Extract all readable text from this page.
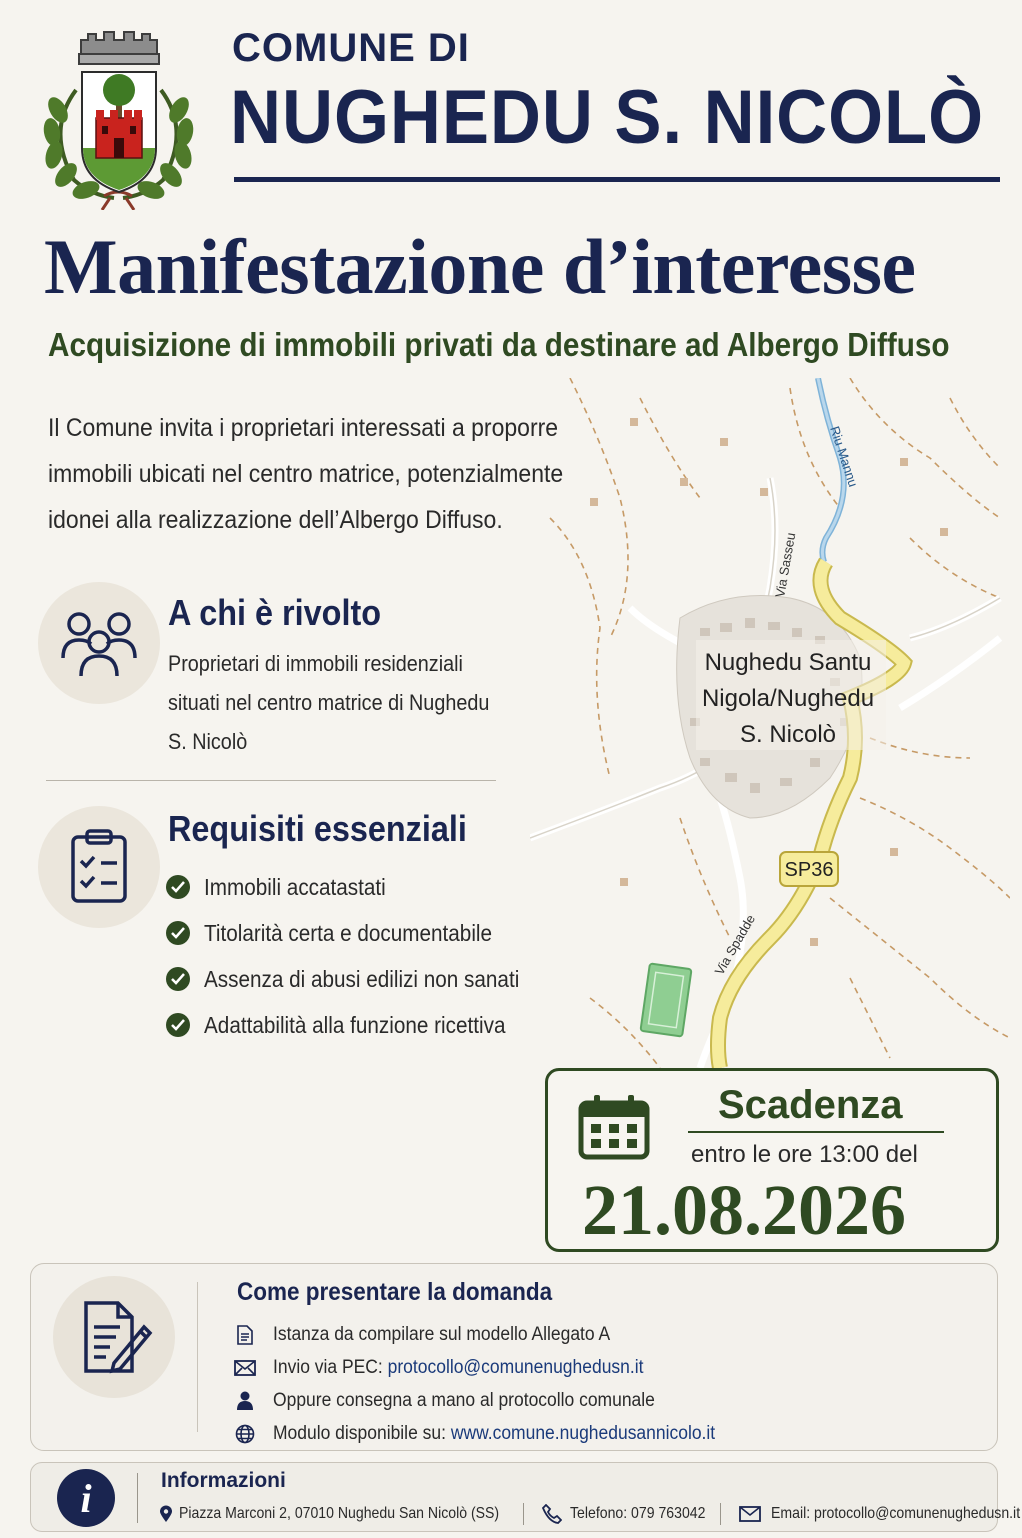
COMUNE DI
NUGHEDU S. NICOLÒ
Manifestazione d’interesse
Acquisizione di immobili privati da destinare ad Albergo Diffuso

Il Comune invita i proprietari interessati a proporre immobili ubicati nel centro matrice, potenzialmente idonei alla realizzazione dell’Albergo Diffuso.

Riu Mannu
Via Sasseu
Via Spadde
Nughedu Santu
Nigola/Nughedu
S. Nicolò
SP36
A chi è rivolto

Proprietari di immobili residenziali situati nel centro matrice di Nughedu S. Nicolò

Requisiti essenziali
Immobili accatastati
Titolarità certa e documentabile
Assenza di abusi edilizi non sanati
Adattabilità alla funzione ricettiva
Scadenza
entro le ore 13:00 del
21.08.2026
Come presentare la domanda
Istanza da compilare sul modello Allegato A
Invio via PEC: protocollo@comunenughedusn.it
Oppure consegna a mano al protocollo comunale
Modulo disponibile su: www.comune.nughedusannicolo.it
i	Informazioni
Piazza Marconi 2, 07010 Nughedu San Nicolò (SS)	Telefono: 079 763042	Email: protocollo@comunenughedusn.it
